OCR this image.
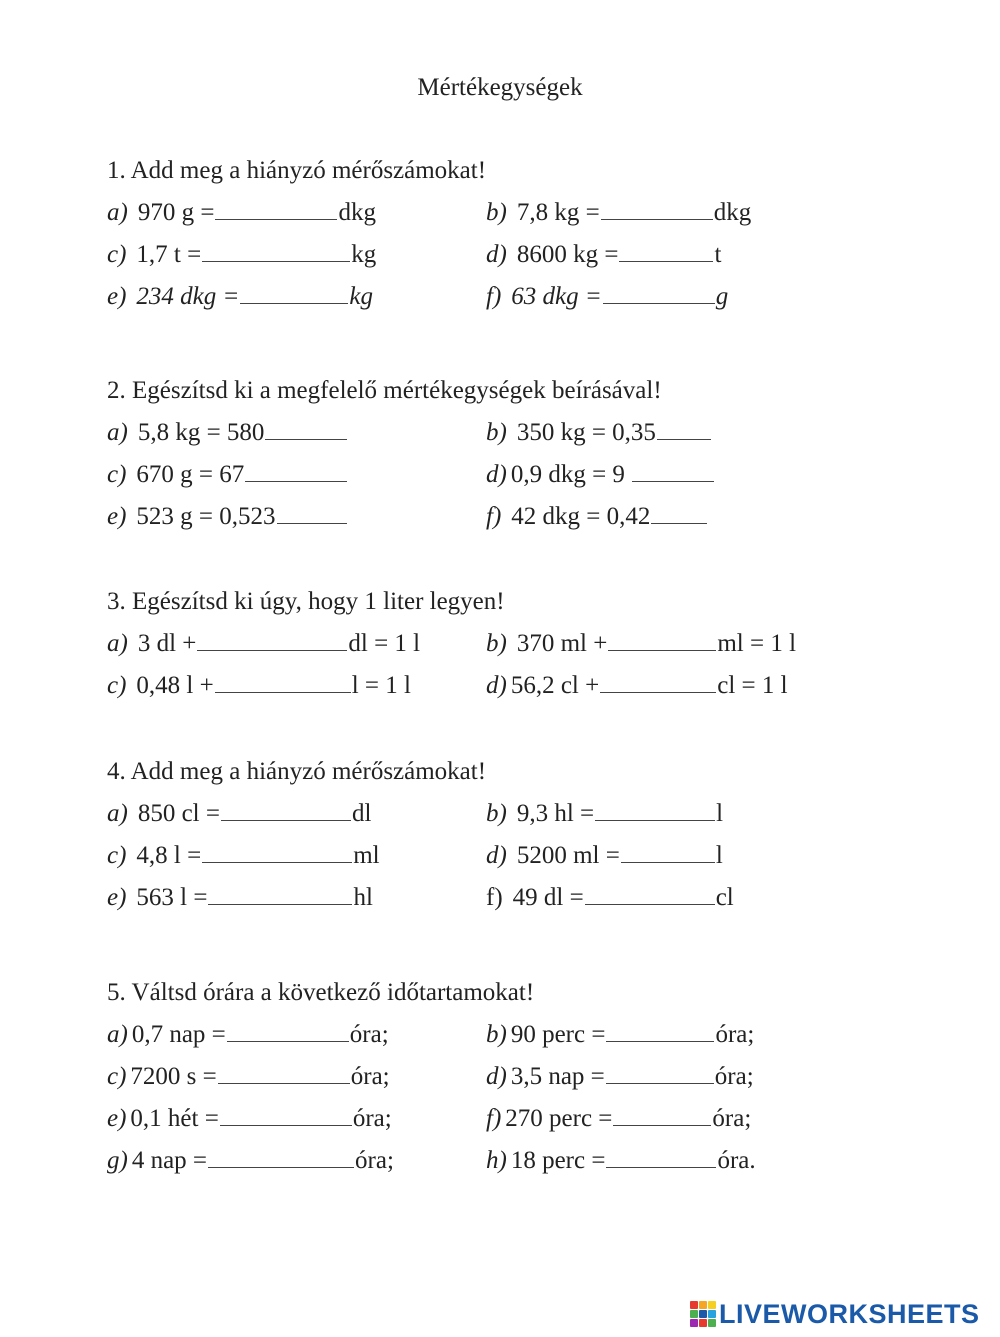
Mértékegységek
1. Add meg a hiányzó mérőszámokat!
a) 970 g =	dkg	b) 7,8 kg =	dkg
c) 1,7 t =	kg	d) 8600 kg =	t
e) 234 dkg =	kg	f) 63 dkg =	g
2. Egészítsd ki a megfelelő mértékegységek beírásával!
a) 5,8 kg = 580	b) 350 kg = 0,35
c) 670 g = 67	d) 0,9 dkg = 9
e) 523 g = 0,523	f) 42 dkg = 0,42
3. Egészítsd ki úgy, hogy 1 liter legyen!
a) 3 dl +	dl = 1 l	b) 370 ml +	ml = 1 l
c) 0,48 l +	l = 1 l	d) 56,2 cl +	cl = 1 l
4. Add meg a hiányzó mérőszámokat!
a) 850 cl =	dl	b) 9,3 hl =	l
c) 4,8 l =	ml	d) 5200 ml =	l
e) 563 l =	hl	f) 49 dl =	cl
5. Váltsd órára a következő időtartamokat!
a) 0,7 nap =	óra;	b) 90 perc =	óra;
c) 7200 s =	óra;	d) 3,5 nap =	óra;
e) 0,1 hét =	óra;	f) 270 perc =	óra;
g) 4 nap =	óra;	h) 18 perc =	óra.
LIVEWORKSHEETS
